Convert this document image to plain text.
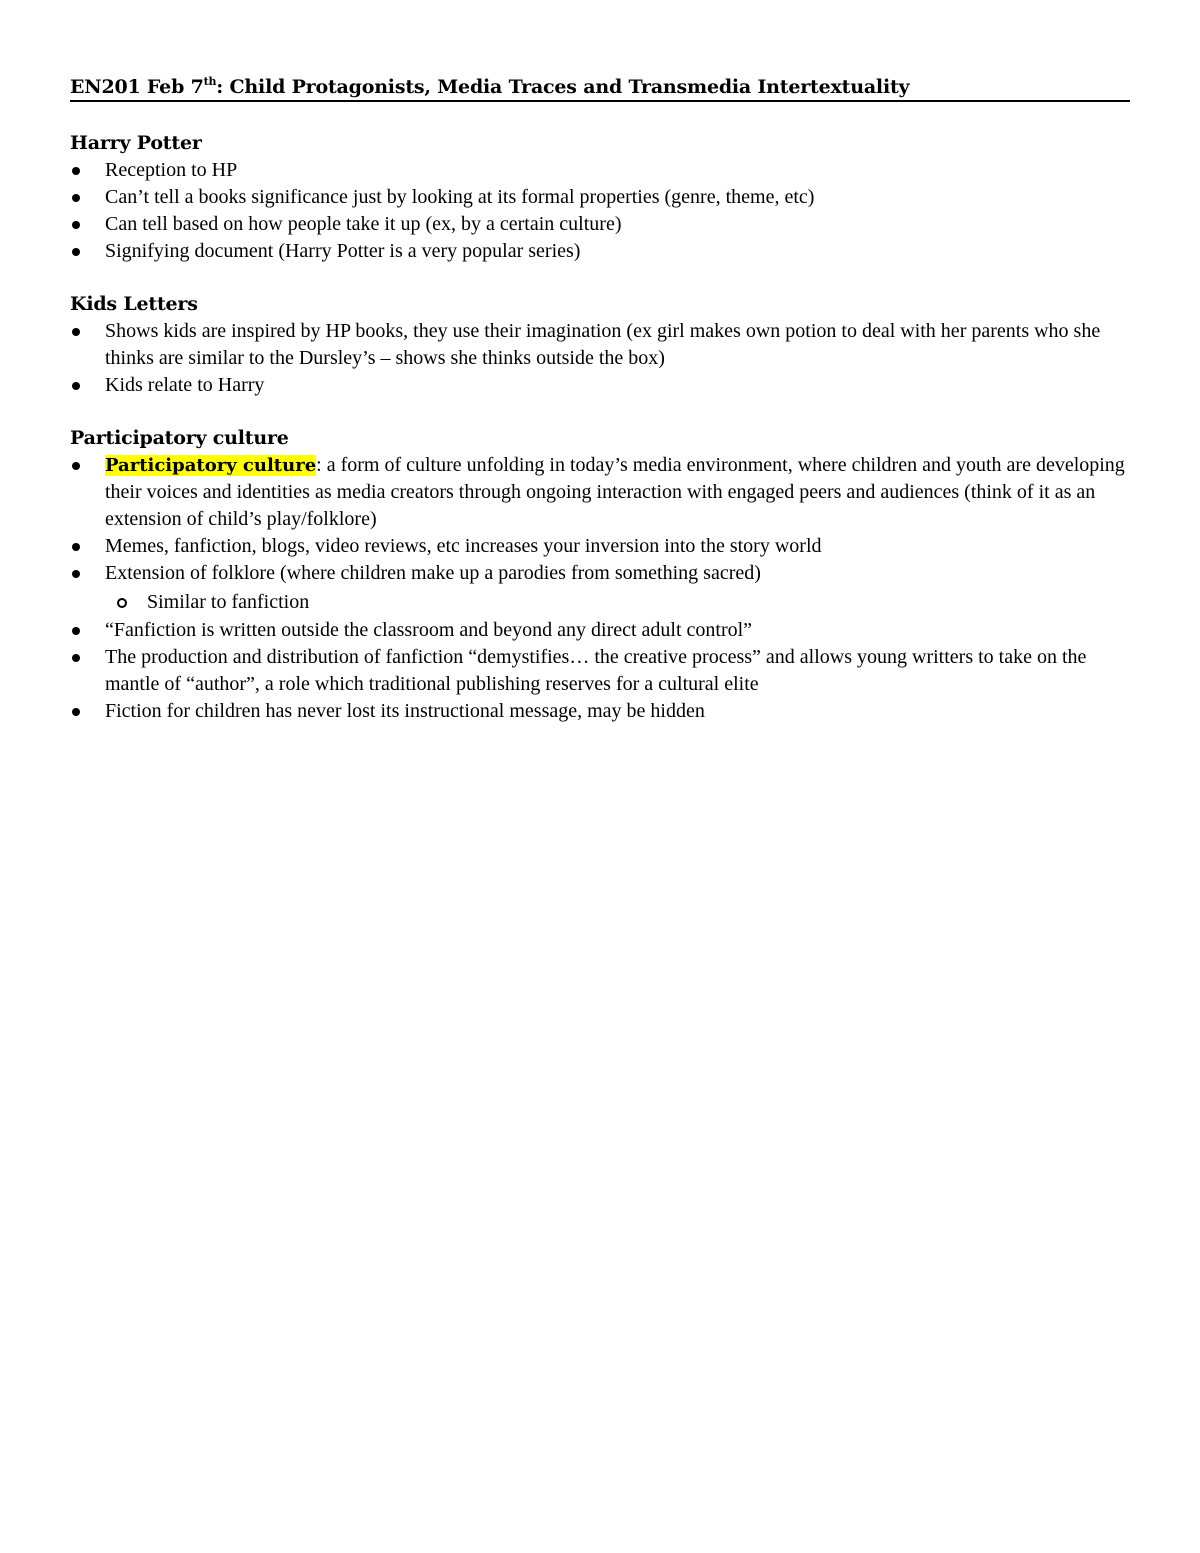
EN201 Feb 7th: Child Protagonists, Media Traces and Transmedia Intertextuality
Harry Potter
Reception to HP
Can’t tell a books significance just by looking at its formal properties (genre, theme, etc)
Can tell based on how people take it up (ex, by a certain culture)
Signifying document (Harry Potter is a very popular series)
Kids Letters
Shows kids are inspired by HP books, they use their imagination (ex girl makes own potion to deal with her parents who she thinks are similar to the Dursley’s – shows she thinks outside the box)
Kids relate to Harry
Participatory culture
Participatory culture: a form of culture unfolding in today’s media environment, where children and youth are developing their voices and identities as media creators through ongoing interaction with engaged peers and audiences (think of it as an extension of child’s play/folklore)
Memes, fanfiction, blogs, video reviews, etc increases your inversion into the story world
Extension of folklore (where children make up a parodies from something sacred)
Similar to fanfiction
“Fanfiction is written outside the classroom and beyond any direct adult control”
The production and distribution of fanfiction “demystifies… the creative process” and allows young writters to take on the mantle of “author”, a role which traditional publishing reserves for a cultural elite
Fiction for children has never lost its instructional message, may be hidden
